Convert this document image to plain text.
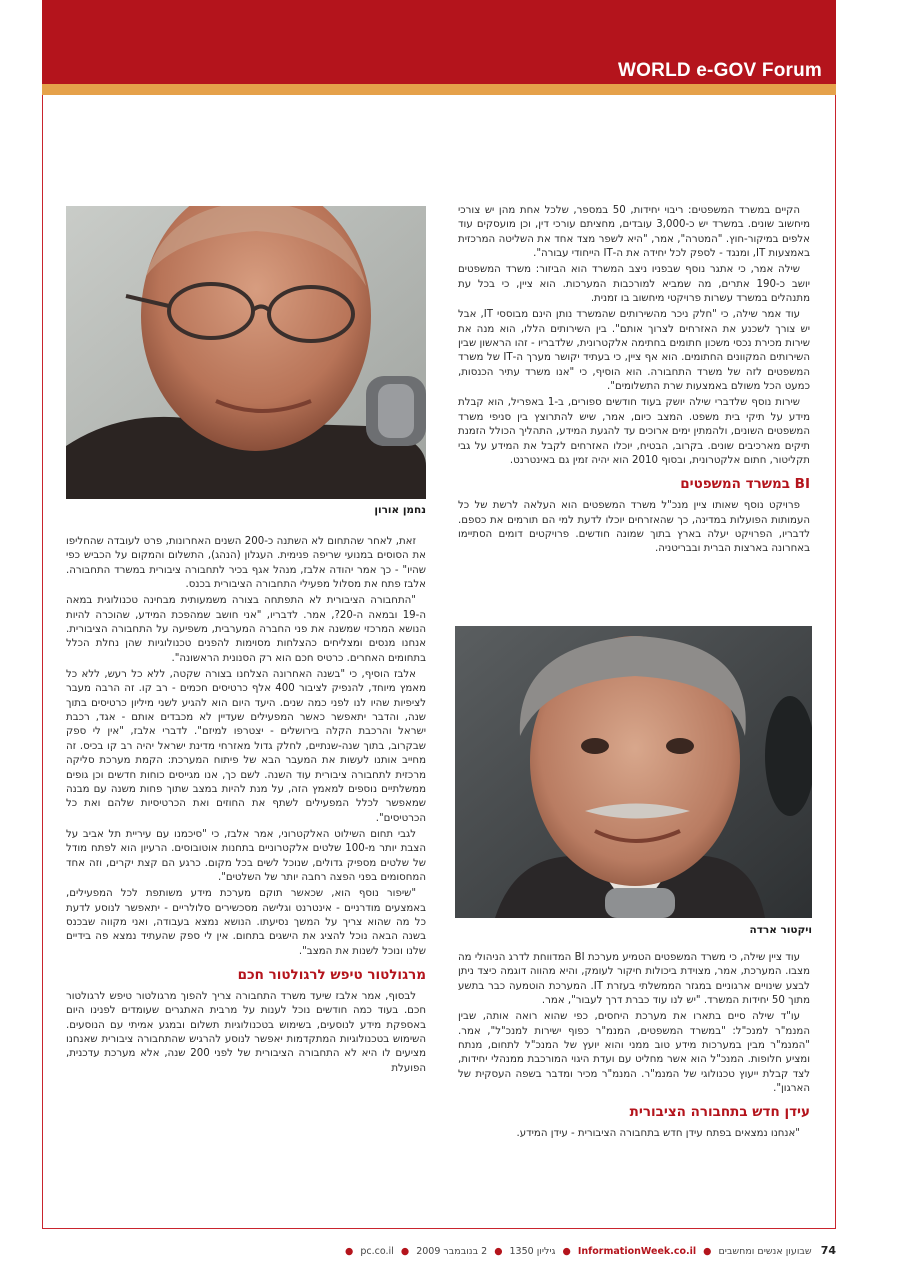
WORLD e-GOV Forum

הקיים במשרד המשפטים: ריבוי יחידות, 50 במספר, שלכל אחת מהן יש צורכי מיחשוב שונים. במשרד יש כ-3,000 עובדים, מחציתם עורכי דין, וכן מועסקים עוד אלפים במיקור-חוץ. "המטרה", אמר, "היא לשפר מצד אחד את השליטה המרכזית באמצעות IT, ומנגד - לספק לכל יחידה את ה-IT הייחודי עבורה".

שילה אמר, כי אתגר נוסף שבפניו ניצב המשרד הוא הביזור: משרד המשפטים יושב כ-190 אתרים, מה שמביא למורכבות המערכות. הוא ציין, כי בכל עת מתנהלים במשרד עשרות פרויקטי מיחשוב בו זמנית.

עוד אמר שילה, כי "חלק ניכר מהשירותים שהמשרד נותן הינם מבוססי IT, אבל יש צורך לשכנע את האזרחים לצרוך אותם". בין השירותים הללו, הוא מנה את שירות מכירת נכסי משכון חתומים בחתימה אלקטרונית, שלדבריו - זהו הראשון שבין השירותים המקוונים החתומים. הוא אף ציין, כי בעתיד יקושר מערך ה-IT של משרד המשפטים לזה של משרד התחבורה. הוא הוסיף, כי "אנו משרד עתיר הכנסות, כמעט הכל משולם באמצעות שרת התשלומים".

שירות נוסף שלדברי שילה יושק בעוד חודשים ספורים, ב-1 באפריל, הוא קבלת מידע על תיקי בית משפט. המצב כיום, אמר, שיש להתרוצץ בין סניפי משרד המשפטים השונים, ולהמתין ימים ארוכים עד להגעת המידע, התהליך הכולל הזמנת תיקים מארכיבים שונים. בקרוב, הבטיח, יוכלו האזרחים לקבל את המידע על גבי תקליטור, חתום אלקטרונית, ובסוף 2010 הוא יהיה זמין גם באינטרנט.

BI במשרד המשפטים

פרויקט נוסף שאותו ציין מנכ"ל משרד המשפטים הוא העלאה לרשת של כל העמותות הפועלות במדינה, כך שהאזרחים יוכלו לדעת למי הם תורמים את כספם. לדבריו, הפרויקט יעלה בארץ בתוך שמונה חודשים. פרויקטים דומים הסתיימו באחרונה בארצות הברית ובבריטניה.

עוד ציין שילה, כי משרד המשפטים הטמיע מערכת BI המדווחת לדרג הניהולי מה מצבו. המערכת, אמר, מצוידת ביכולות חיקור לעומק, והיא מהווה דוגמה כיצד ניתן לבצע שינויים ארגוניים במגזר הממשלתי בעזרת IT. המערכת הוטמעה כבר בתשע מתוך 50 יחידות המשרד. "יש לנו עוד כברת דרך לעבור", אמר.

עו"ד שילה סיים בתארו את מערכת היחסים, כפי שהוא רואה אותה, שבין המנמ"ר למנכ"ל: "במשרד המשפטים, המנמ"ר כפוף ישירות למנכ"ל", אמר. "המנמ"ר מבין במערכות מידע טוב ממני והוא יועץ של המנכ"ל לתחום, מנתח ומציע חלופות. המנכ"ל הוא אשר מחליט עם ועדת היגוי המורכבת ממנהלי יחידות, לצד קבלת ייעוץ טכנולוגי של המנמ"ר. המנמ"ר מכיר ומדבר בשפה העסקית של הארגון".

עידן חדש בתחבורה הציבורית

"אנחנו נמצאים בפתח עידן חדש בתחבורה הציבורית - עידן המידע.

זאת, לאחר שהתחום לא השתנה כ-200 השנים האחרונות, פרט לעובדה שהחליפו את הסוסים במנועי שריפה פנימית. העגלון (הנהג), התשלום והמקום על הכביש כפי שהיו" - כך אמר יהודה אלבז, מנהל אגף בכיר לתחבורה ציבורית במשרד התחבורה. אלבז פתח את מסלול מפעילי התחבורה הציבורית בכנס.

"התחבורה הציבורית לא התפתחה בצורה משמעותית מבחינה טכנולוגית במאה ה-19 ובמאה ה-20?, אמר. לדבריו, "אני חושב שמהפכת המידע, שהוכרה להיות הנושא המרכזי שמשנה את פני החברה המערבית, משפיעה על התחבורה הציבורית. אנחנו מנסים ומצליחים כהצלחות מסוימות להפנים טכנולוגיות שהן נחלת הכלל בתחומים האחרים. כרטיס חכם הוא רק הסנונית הראשונה".

אלבז הוסיף, כי "בשנה האחרונה הצלחנו בצורה שקטה, ללא כל רעש, ללא כל מאמץ מיוחד, להנפיק לציבור 400 אלף כרטיסים חכמים - רב קו. זה הרבה מעבר לציפיות שהיו לנו לפני כמה שנים. היעד היום הוא להגיע לשני מיליון כרטיסים בתוך שנה, והדבר יתאפשר כאשר המפעילים שעדיין לא מכבדים אותם - אגד, רכבת ישראל והרכבת הקלה בירושלים - יצטרפו למיזם". לדברי אלבז, "אין לי ספק שבקרוב, בתוך שנה-שנתיים, לחלק גדול מאזרחי מדינת ישראל יהיה רב קו בכיס. זה מחייב אותנו לעשות את המעבר הבא של פיתוח המערכת: הקמת מערכת סליקה מרכזית לתחבורה ציבורית עוד השנה. לשם כך, אנו מגייסים כוחות חדשים וכן גופים ממשלתיים נוספים למאמץ הזה, על מנת להיות במצב שתוך פחות משנה עם מבנה שמאפשר לכלל המפעילים לשתף את החוזים ואת הכרטיסיות שלהם ואת כל הכרטיסים".

לגבי תחום השילוט האלקטרוני, אמר אלבז, כי "סיכמנו עם עיריית תל אביב על הצבת יותר מ-100 שלטים אלקטרוניים בתחנות אוטובוסים. הרעיון הוא לפתח מודל של שלטים מספיק גדולים, שנוכל לשים בכל מקום. כרגע הם קצת יקרים, וזה אחד המחסומים בפני הפצה רחבה יותר של השלטים".

"שיפור נוסף הוא, שכאשר תוקם מערכת מידע משותפת לכל המפעילים, באמצעים מודרניים - אינטרנט וגלישה מסכשירים סלולריים - יתאפשר לנוסע לדעת כל מה שהוא צריך על המשך נסיעתו. הנושא נמצא בעבודה, ואני מקווה שבכנס בשנה הבאה נוכל להציג את הישגים בתחום. אין לי ספק שהעתיד נמצא פה בידיים שלנו ונוכל לשנות את המצב".

מרגולטור טיפש לרגולטור חכם

לבסוף, אמר אלבז שיעד משרד התחבורה צריך להפוך מרגולטור טיפש לרגולטור חכם. בעוד כמה חודשים נוכל לענות על מרבית האתגרים שעומדים לפנינו היום באספקת מידע לנוסעים, בשימוש בטכנולוגיות תשלום ובמגע אמיתי עם הנוסעים. השימוש בטכנולוגיות המתקדמות יאפשר לנוסע להרגיש שהתחבורה ציבורית שאנחנו מציעים לו היא לא התחבורה הציבורית של לפני 200 שנה, אלא מערכת עדכנית, הפועלת

נחמן אורון
ויקטור ארדה
74 שבועון אנשים ומחשבים ● InformationWeek.co.il ● גיליון 1350 ● 2 בנובמבר 2009 ● pc.co.il ●
